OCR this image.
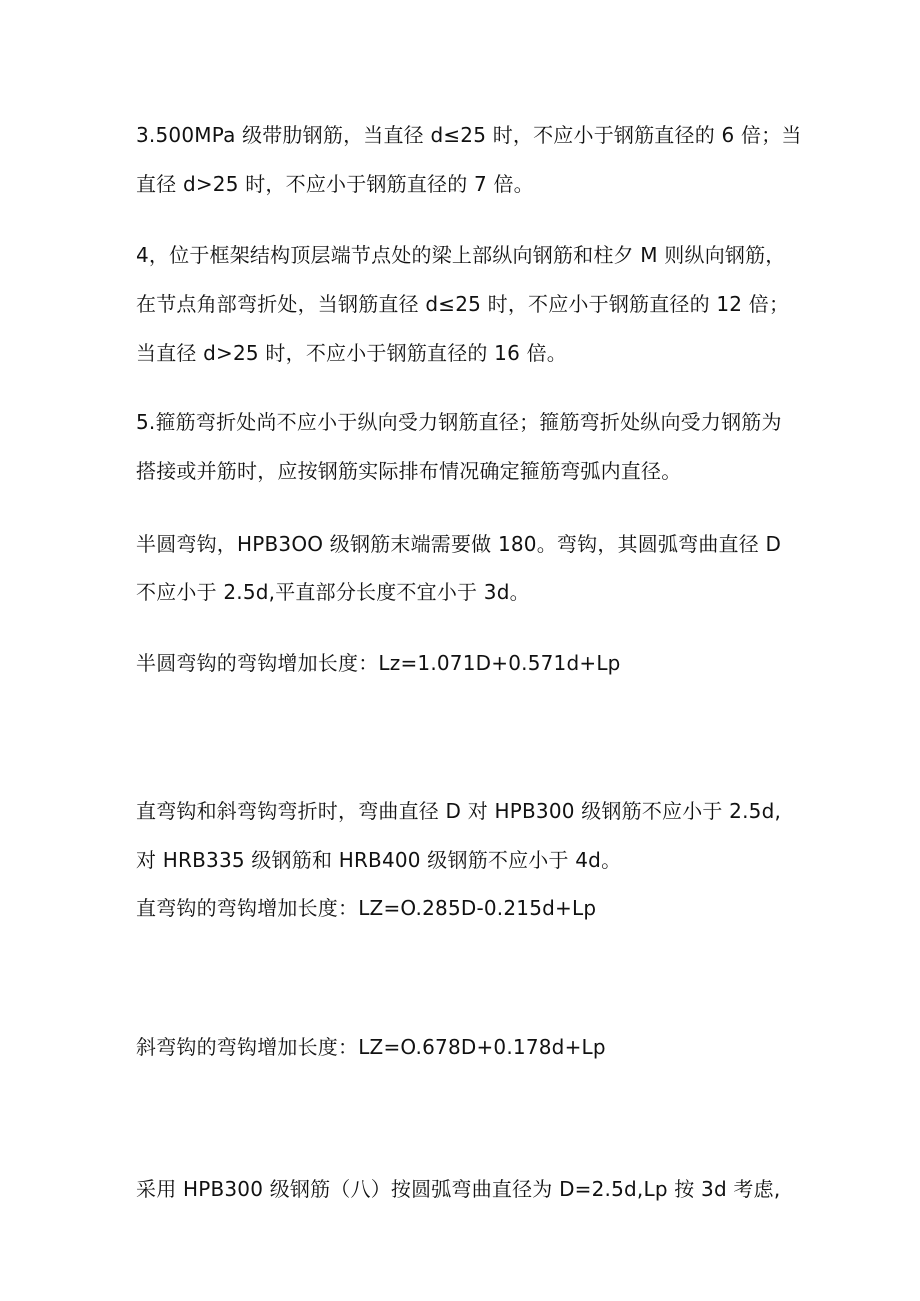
3.500MPa 级带肋钢筋，当直径 d≤25 时，不应小于钢筋直径的 6 倍；当
直径 d>25 时，不应小于钢筋直径的 7 倍。
4，位于框架结构顶层端节点处的梁上部纵向钢筋和柱夕 M 则纵向钢筋，
在节点角部弯折处，当钢筋直径 d≤25 时，不应小于钢筋直径的 12 倍；
当直径 d>25 时，不应小于钢筋直径的 16 倍。
5.箍筋弯折处尚不应小于纵向受力钢筋直径；箍筋弯折处纵向受力钢筋为
搭接或并筋时，应按钢筋实际排布情况确定箍筋弯弧内直径。
半圆弯钩，HPB3OO 级钢筋末端需要做 180。弯钩，其圆弧弯曲直径 D
不应小于 2.5d,平直部分长度不宜小于 3d。
半圆弯钩的弯钩增加长度：Lz=1.071D+0.571d+Lp
直弯钩和斜弯钩弯折时，弯曲直径 D 对 HPB300 级钢筋不应小于 2.5d,
对 HRB335 级钢筋和 HRB400 级钢筋不应小于 4d。
直弯钩的弯钩增加长度：LZ=O.285D-0.215d+Lp
斜弯钩的弯钩增加长度：LZ=O.678D+0.178d+Lp
采用 HPB300 级钢筋（八）按圆弧弯曲直径为 D=2.5d,Lp 按 3d 考虑,
